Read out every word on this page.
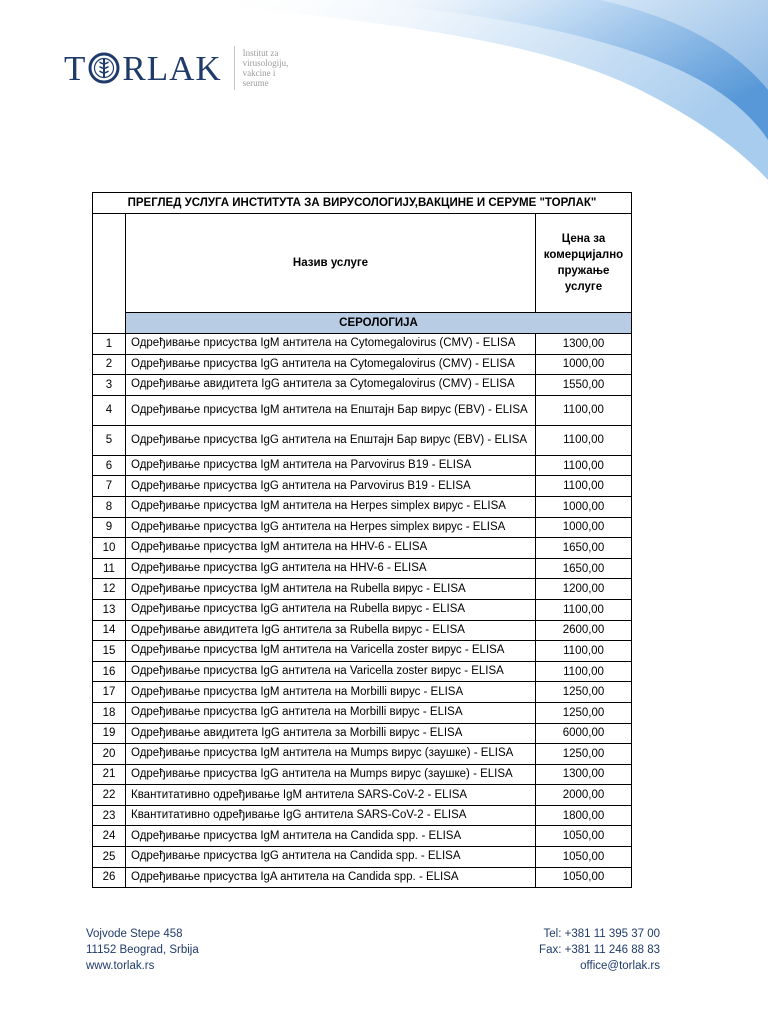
T RLAK Institut za
virusologiju,
vakcine i
serume
ПРЕГЛЕД УСЛУГА ИНСТИТУТА ЗА ВИРУСОЛОГИЈУ,ВАКЦИНЕ И СЕРУМЕ "ТОРЛАК"		
	Назив услуге	Цена за
комерцијално
пружање
услуге

	СЕРОЛОГИЈА	
1	Одређивање присуства IgM антитела на Cytomegalovirus (CMV) - ELISA	1300,00
2	Одређивање присуства IgG антитела на Cytomegalovirus (CMV) - ELISA	1000,00
3	Одређивање авидитета IgG антитела за Cytomegalovirus (CMV) - ELISA	1550,00
4	Одређивање присуства IgM антитела на Епштајн Бар вирус (EBV) - ELISA	1100,00
5	Одређивање присуства IgG антитела на Епштајн Бар вирус (EBV) - ELISA	1100,00
6	Одређивање присуства IgM антитела на Parvovirus B19 - ELISA	1100,00
7	Одређивање присуства IgG антитела на Parvovirus B19 - ELISA	1100,00
8	Одређивање присуства IgM антитела на Herpes simplex вирус - ELISA	1000,00
9	Одређивање присуства IgG антитела на Herpes simplex вирус - ELISA	1000,00
10	Одређивање присуства IgM антитела на HHV-6 - ELISA	1650,00
11	Одређивање присуства IgG антитела на HHV-6 - ELISA	1650,00
12	Одређивање присуства IgM антитела на Rubella вирус - ELISA	1200,00
13	Одређивање присуства IgG антитела на Rubella вирус - ELISA	1100,00
14	Одређивање авидитета IgG антитела за Rubella вирус - ELISA	2600,00
15	Одређивање присуства IgM антитела на Varicella zoster вирус - ELISA	1100,00
16	Одређивање присуства IgG антитела на Varicella zoster вирус - ELISA	1100,00
17	Одређивање присуства IgM антитела на Morbilli вирус - ELISA	1250,00
18	Одређивање присуства IgG антитела на Morbilli вирус - ELISA	1250,00
19	Одређивање авидитета IgG антитела за Morbilli вирус - ELISA	6000,00
20	Одређивање присуства IgM антитела на Mumps вирус (заушке) - ELISA	1250,00
21	Одређивање присуства IgG антитела на Mumps вирус (заушке) - ELISA	1300,00
22	Квантитативно одређивање IgM антитела SARS-CoV-2 - ELISA	2000,00
23	Квантитативно одређивање IgG антитела SARS-CoV-2 - ELISA	1800,00
24	Одређивање присуства IgM антитела на Candida spp. - ELISA	1050,00
25	Одређивање присуства IgG антитела на Candida spp. - ELISA	1050,00
26	Одређивање присуства IgA антитела на Candida spp. - ELISA	1050,00
Vojvode Stepe 458
11152 Beograd, Srbija
www.torlak.rs
Tel: +381 11 395 37 00
Fax: +381 11 246 88 83
office@torlak.rs
